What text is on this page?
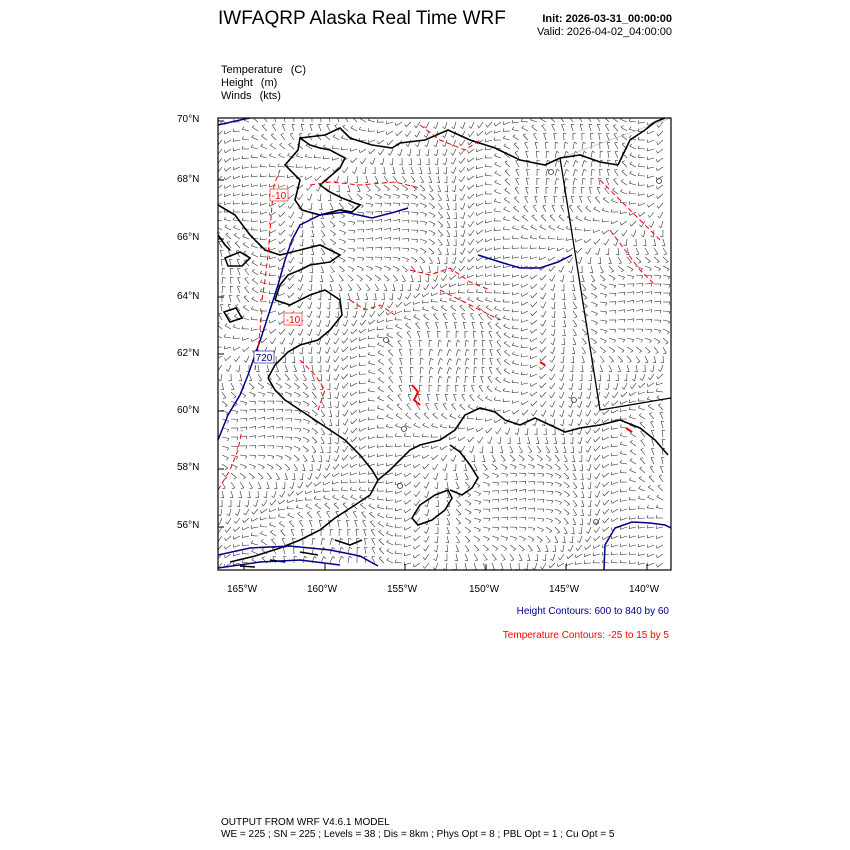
IWFAQRP Alaska Real Time WRF	Init: 2026-03-31_00:00:00
Valid: 2026-04-02_04:00:00
Temperature (C)
Height (m)
Winds (kts)
-10
-10
720
70°N
68°N
66°N
64°N
62°N
60°N
58°N
56°N
165°W	160°W	155°W	150°W	145°W	140°W
Height Contours: 600 to 840 by 60
Temperature Contours: -25 to 15 by 5
OUTPUT FROM WRF V4.6.1 MODEL
WE = 225 ; SN = 225 ; Levels = 38 ; Dis = 8km ; Phys Opt = 8 ; PBL Opt = 1 ; Cu Opt = 5
